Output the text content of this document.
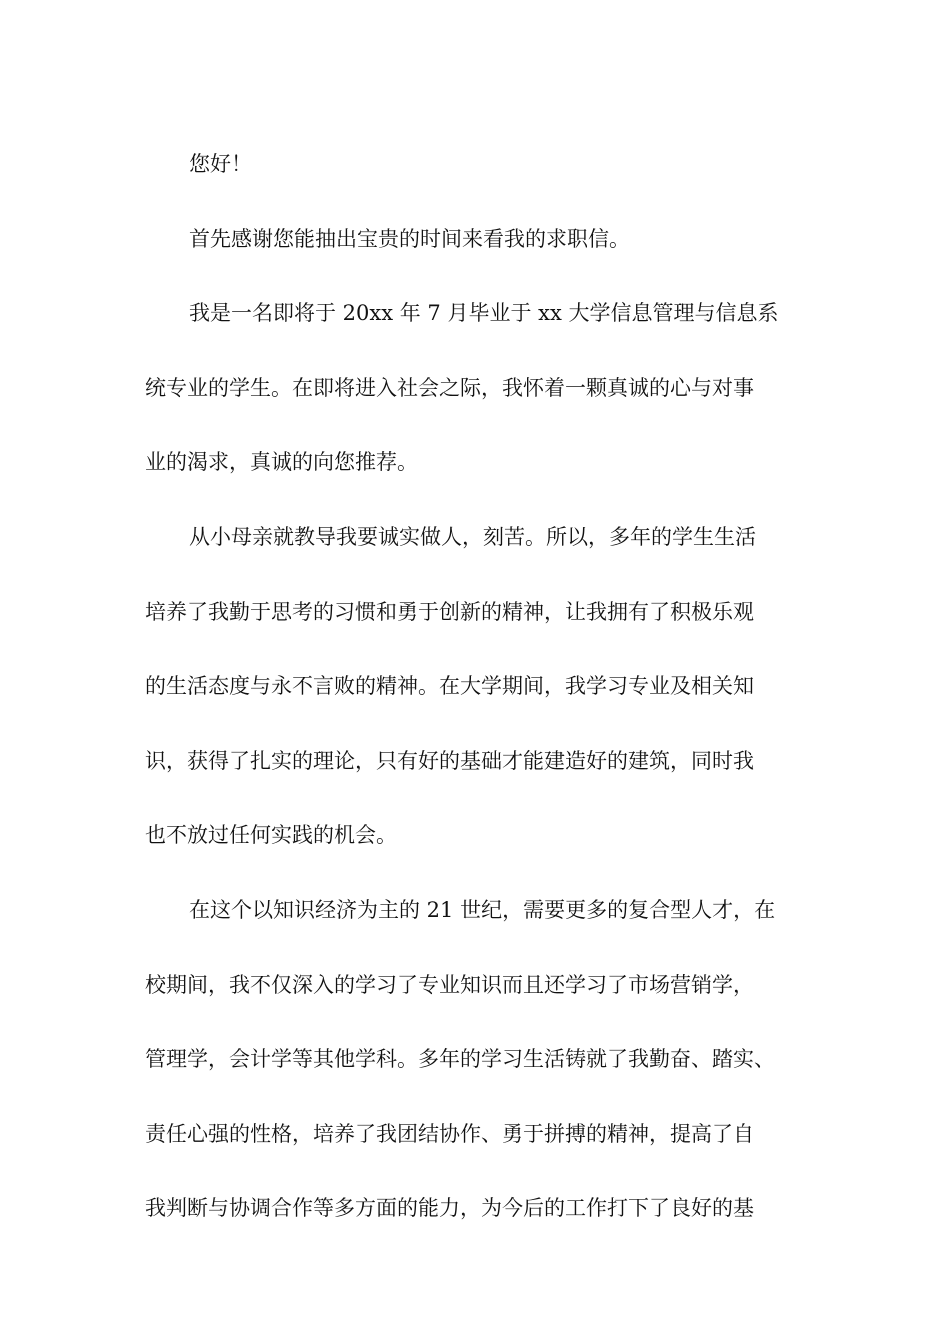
您好！

首先感谢您能抽出宝贵的时间来看我的求职信。

我是一名即将于 20xx 年 7 月毕业于 xx 大学信息管理与信息系
统专业的学生。在即将进入社会之际，我怀着一颗真诚的心与对事
业的渴求，真诚的向您推荐。

从小母亲就教导我要诚实做人，刻苦。所以，多年的学生生活
培养了我勤于思考的习惯和勇于创新的精神，让我拥有了积极乐观
的生活态度与永不言败的精神。在大学期间，我学习专业及相关知
识，获得了扎实的理论，只有好的基础才能建造好的建筑，同时我
也不放过任何实践的机会。

在这个以知识经济为主的 21 世纪，需要更多的复合型人才，在
校期间，我不仅深入的学习了专业知识而且还学习了市场营销学，
管理学，会计学等其他学科。多年的学习生活铸就了我勤奋、踏实、
责任心强的性格，培养了我团结协作、勇于拼搏的精神，提高了自
我判断与协调合作等多方面的能力，为今后的工作打下了良好的基
